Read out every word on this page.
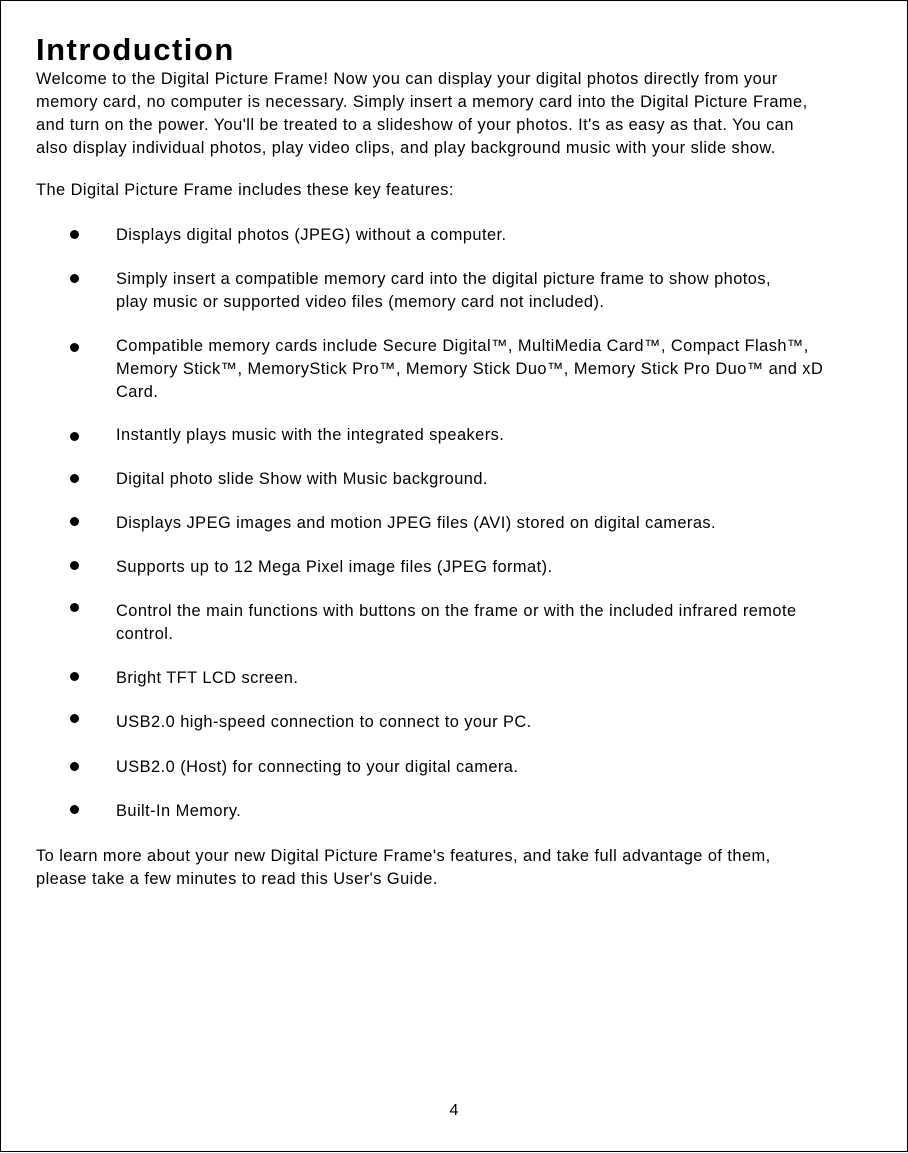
Introduction

Welcome to the Digital Picture Frame! Now you can display your digital photos directly from your
memory card, no computer is necessary. Simply insert a memory card into the Digital Picture Frame,
and turn on the power. You'll be treated to a slideshow of your photos. It's as easy as that. You can
also display individual photos, play video clips, and play background music with your slide show.

The Digital Picture Frame includes these key features:

Displays digital photos (JPEG) without a computer.
Simply insert a compatible memory card into the digital picture frame to show photos,
play music or supported video files (memory card not included).
Compatible memory cards include Secure Digital™, MultiMedia Card™, Compact Flash™,
Memory Stick™, MemoryStick Pro™, Memory Stick Duo™, Memory Stick Pro Duo™ and xD
Card.
Instantly plays music with the integrated speakers.
Digital photo slide Show with Music background.
Displays JPEG images and motion JPEG files (AVI) stored on digital cameras.
Supports up to 12 Mega Pixel image files (JPEG format).
Control the main functions with buttons on the frame or with the included infrared remote
control.
Bright TFT LCD screen.
USB2.0 high-speed connection to connect to your PC.
USB2.0 (Host) for connecting to your digital camera.
Built-In Memory.

To learn more about your new Digital Picture Frame's features, and take full advantage of them,
please take a few minutes to read this User's Guide.

4
